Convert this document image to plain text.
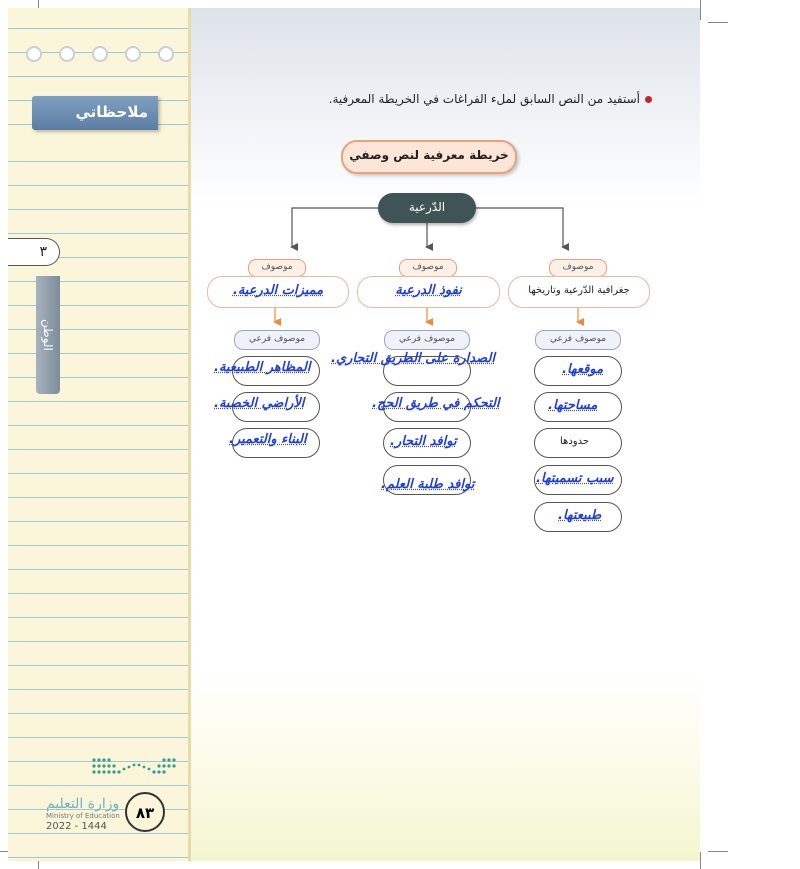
ملاحظاتي
٣
الوطن
وزارة التعليم
Ministry of Education
2022 - 1444
٨٣
أستفيد من النص السابق لملء الفراغات في الخريطة المعرفية.
خريطة معرفية لنص وصفي
الدّرعية
موصوف
جغرافية الدّرعية وتاريخها
موصوف فرعي
موقعها.
مساحتها.
حدودها
سبب تسميتها.
طبيعتها.
موصوف
نفوذ الدرعية
موصوف فرعي
الصدارة على الطريق التجاري.
التحكم في طريق الحج.
توافد التجار.
توافد طلبة العلم.
موصوف
مميزات الدرعية.
موصوف فرعي
المظاهر الطبيعية.
الأراضي الخصبة.
البناء والتعمير.
